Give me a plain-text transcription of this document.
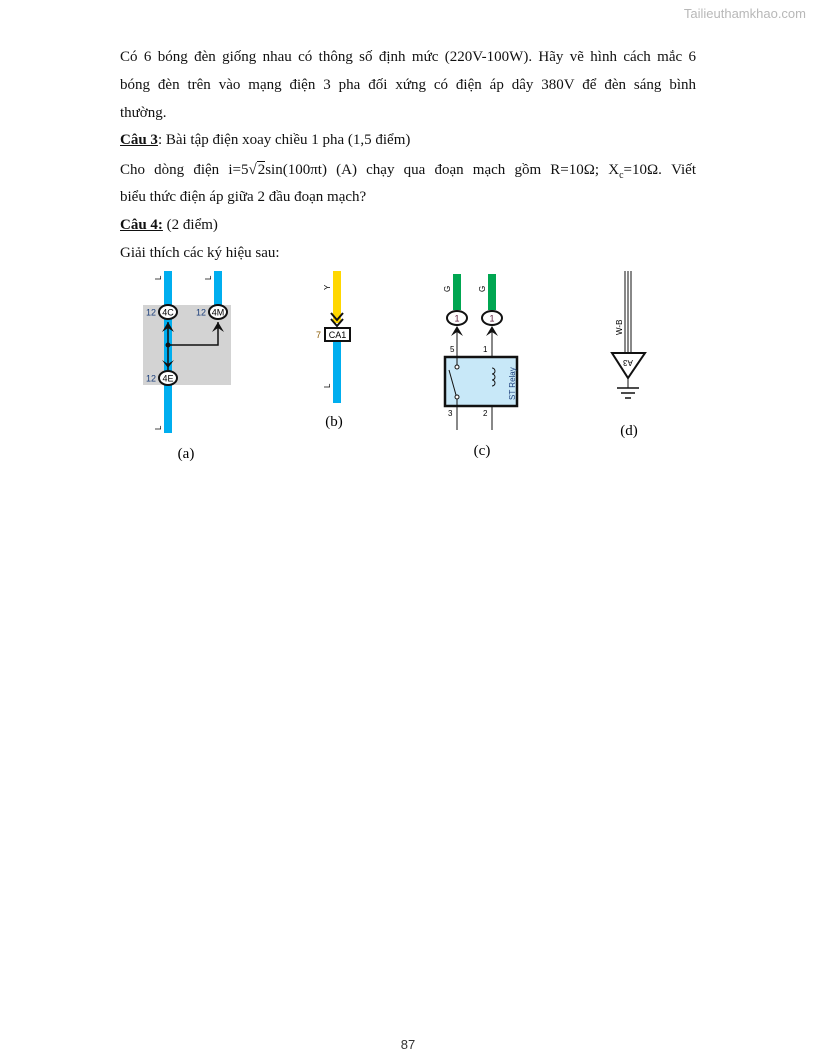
Tailieuthamkhao.com
Có 6 bóng đèn giống nhau có thông số định mức (220V-100W). Hãy vẽ hình cách mắc 6
bóng đèn trên vào mạng điện 3 pha đối xứng có điện áp dây 380V để đèn sáng bình
thường.
Câu 3: Bài tập điện xoay chiều 1 pha (1,5 điểm)
Cho dòng điện i=5√2sin(100πt) (A) chạy qua đoạn mạch gồm R=10Ω; $X_c=10\Omega$. Viết
biểu thức điện áp giữa 2 đầu đoạn mạch?
Câu 4: (2 điểm)
Giải thích các ký hiệu sau:
4C	4M
4E
12	12
12
L	L
L
(a)
CA1
7
Y
L
(b)
G	G
1	1
5	1
3	2
ST Relay
(c)
W-B
A3
(d)
87
